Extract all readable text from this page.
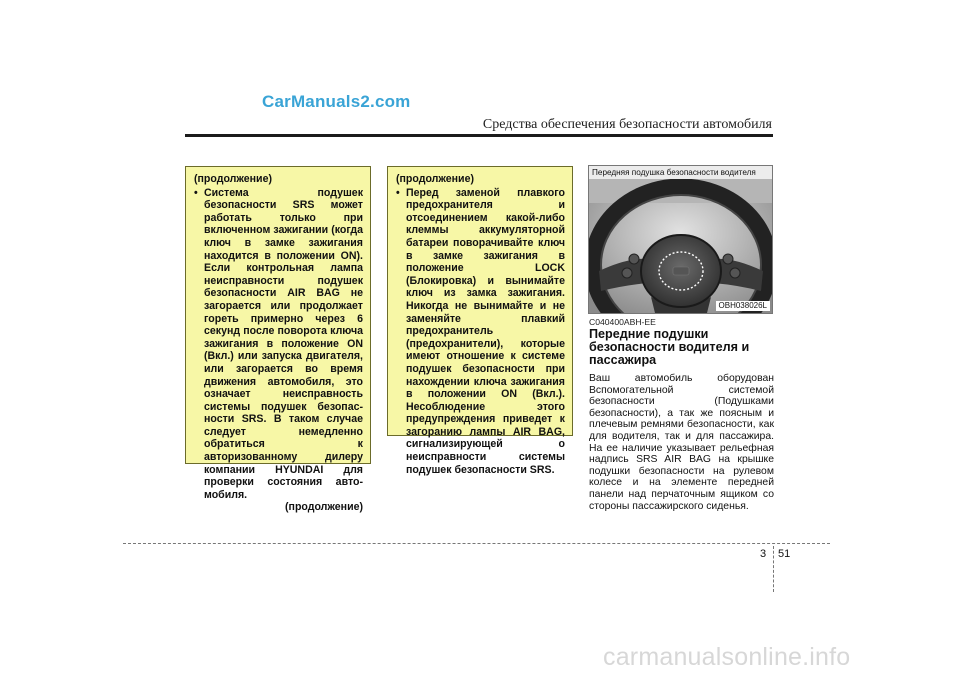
CarManuals2.com
Средства обеспечения безопасности автомобиля
(продолжение)
• Система подушек безопасности SRS может работать только при включенном зажигании (когда ключ в замке зажигания находится в положении ON). Если контрольная лампа неисправности подушек безопасности AIR BAG не загорается или продолжает гореть примерно через 6 секунд после поворота ключа зажигания в положение ON (Вкл.) или запуска двигателя, или загорается во время движения автомобиля, это означает неисправность системы подушек безопас-ности SRS. В таком случае следует немедленно обратиться к авторизованному дилеру компании HYUNDAI для проверки состояния авто-мобиля.
(продолжение)
(продолжение)
• Перед заменой плавкого предохранителя и отсоединением какой-либо клеммы аккумуляторной батареи поворачивайте ключ в замке зажигания в положение LOCK (Блокировка) и вынимайте ключ из замка зажигания. Никогда не вынимайте и не заменяйте плавкий предохранитель (предохранители), которые имеют отношение к системе подушек безопасности при нахождении ключа зажигания в положении ON (Вкл.). Несоблюдение этого предупреждения приведет к загоранию лампы AIR BAG, сигнализирующей о неисправности системы подушек безопасности SRS.
Передняя подушка безопасности водителя
OBH038026L
C040400ABH-EE
Передние подушки безопасности водителя и пассажира
Ваш автомобиль оборудован Вспомогательной системой безопасности (Подушками безопасности), а так же поясным и плечевым ремнями безопасности, как для водителя, так и для пассажира. На ее наличие указывает рельефная надпись SRS AIR BAG на крышке подушки безопасности на рулевом колесе и на элементе передней панели над перчаточным ящиком со стороны пассажирского сиденья.
3 51
carmanualsonline.info
